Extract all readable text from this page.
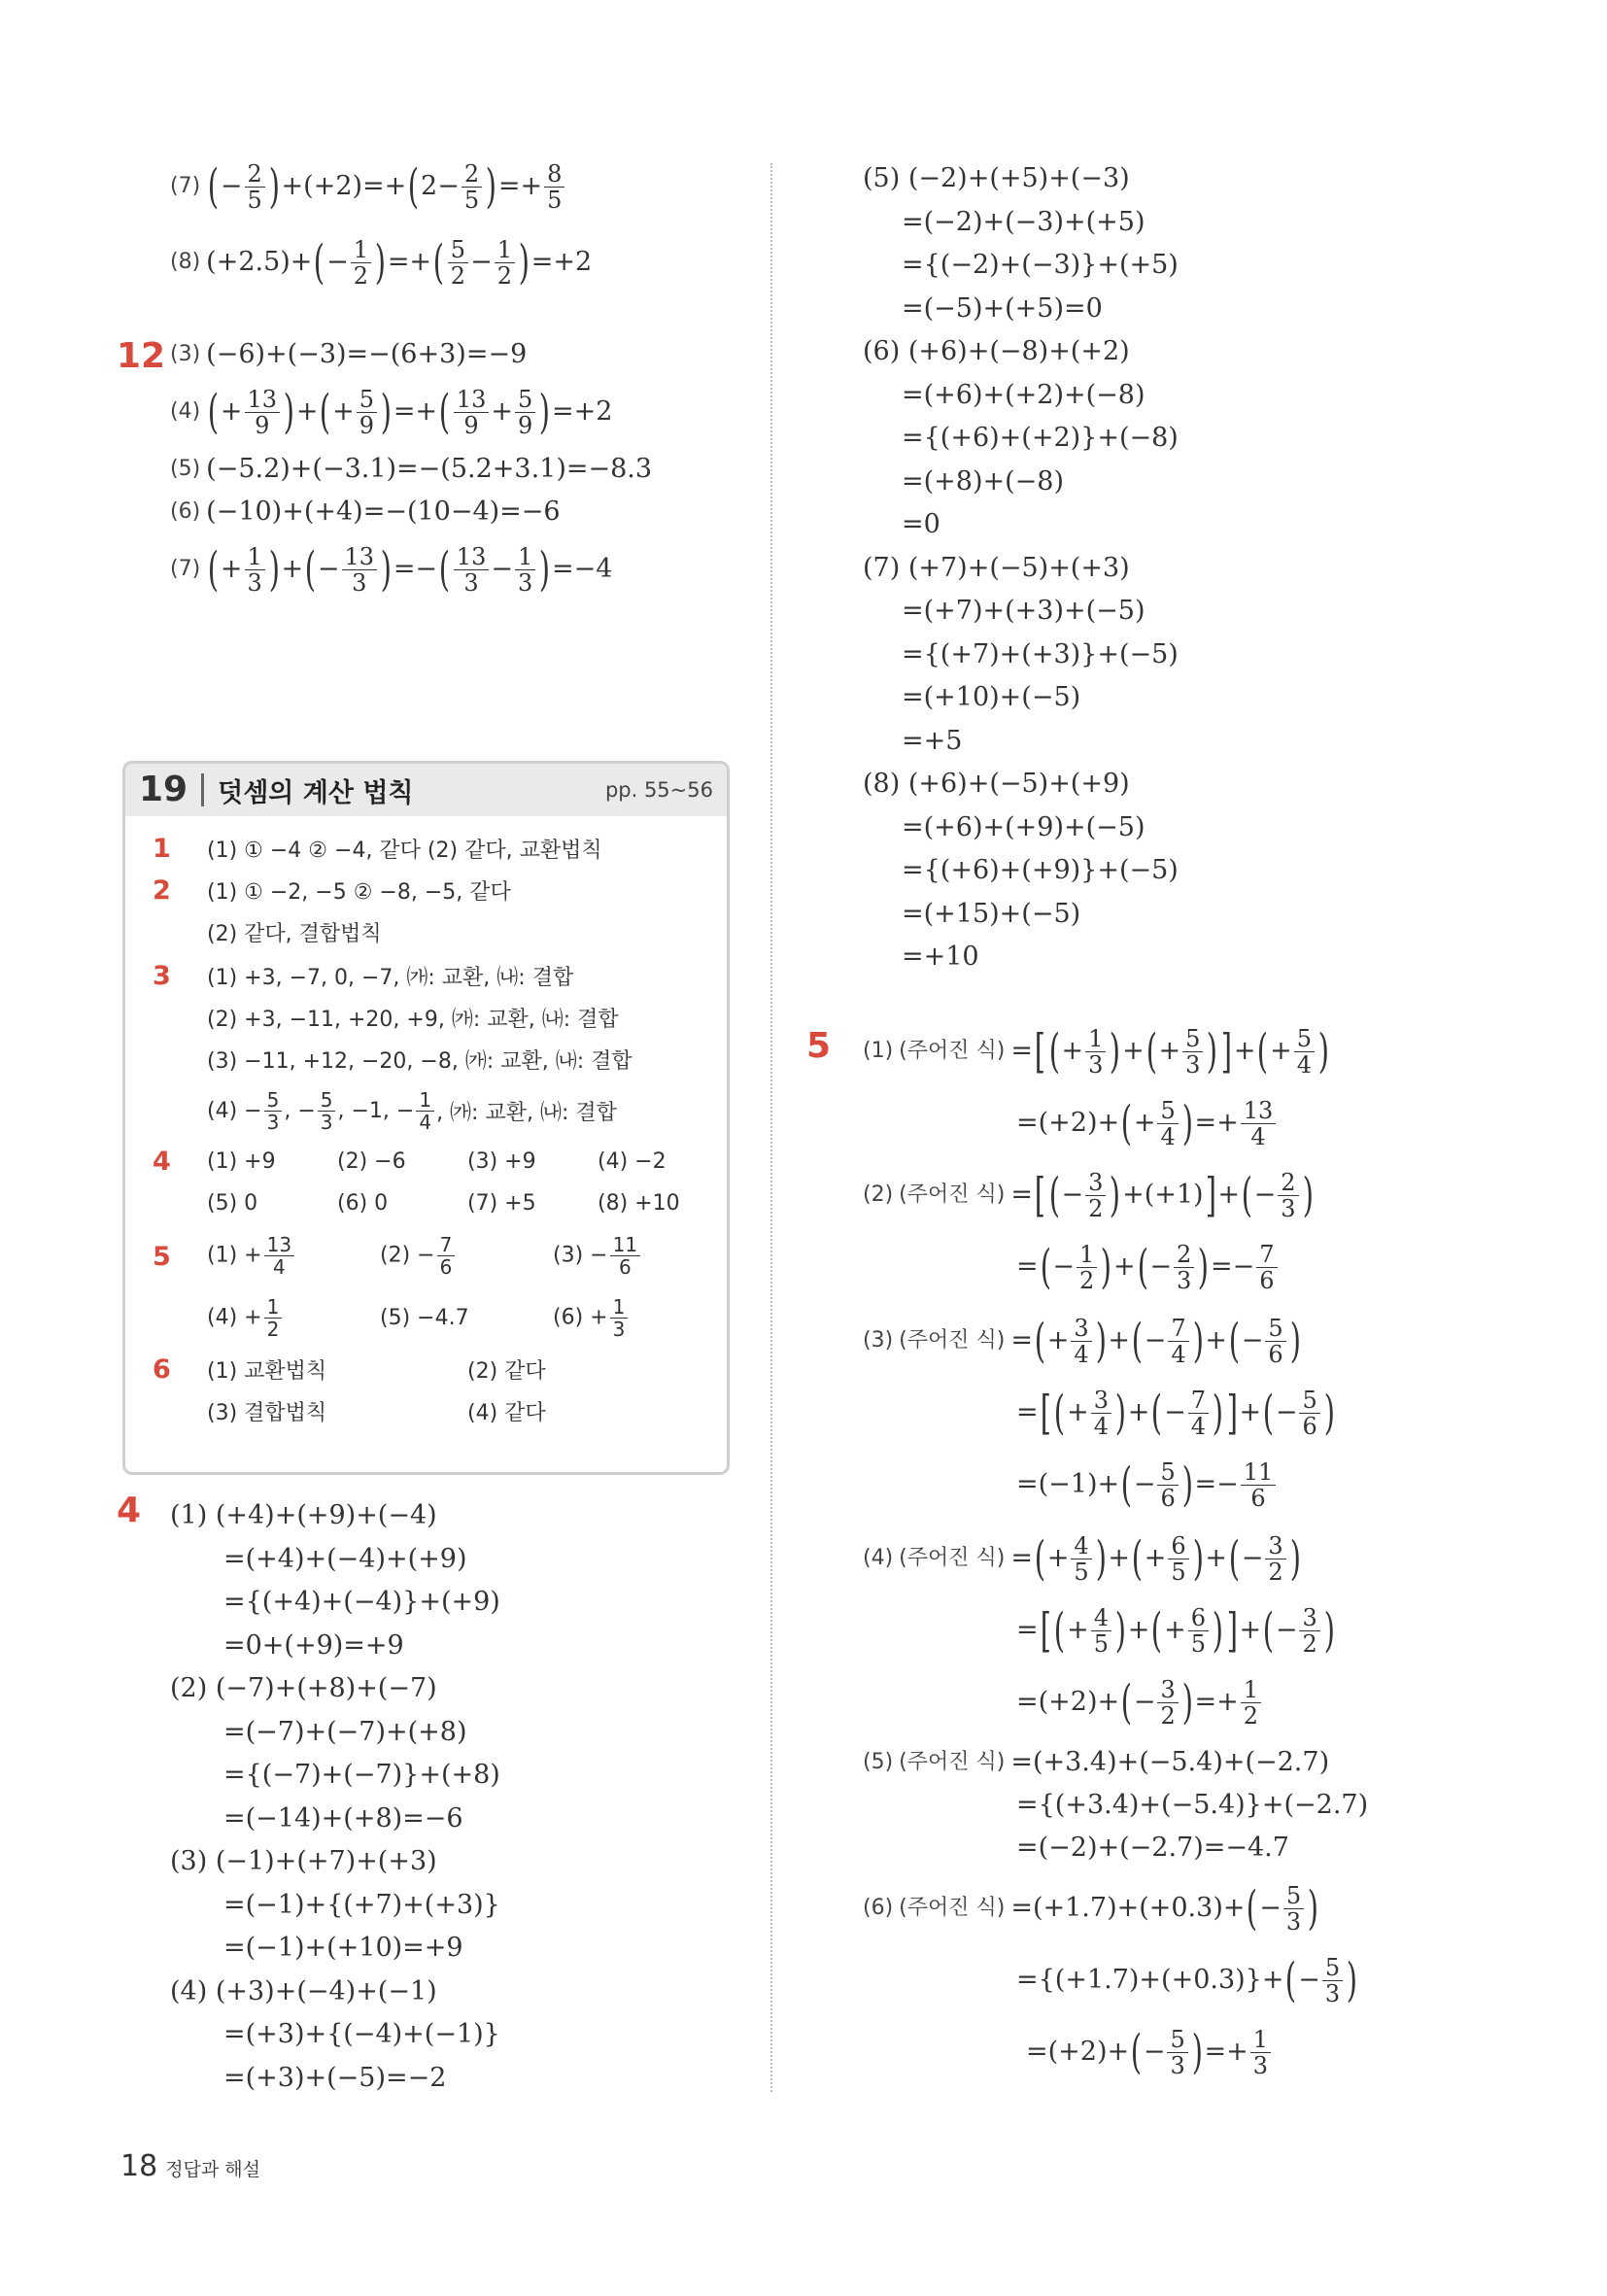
(7) ( − $\frac{2}{5}$ ) +(+2)=+ ( $2- \frac{2}{5}$ ) =+ $\frac{8}{5}$
(8) (+2.5)+ ( − $\frac{1}{2}$ ) =+ ( $\frac{5}{2} - \frac{1}{2}$ ) =+2
12 (3) (−6)+(−3)=−(6+3)=−9
(4) ( + $\frac{13}{9}$ ) + ( + $\frac{5}{9}$ ) =+ ( $\frac{13}{9} + \frac{5}{9}$ ) =+2
(5) (−5.2)+(−3.1)=−(5.2+3.1)=−8.3
(6) (−10)+(+4)=−(10−4)=−6
(7) ( + $\frac{1}{3}$ ) + ( − $\frac{13}{3}$ ) =− ( $\frac{13}{3} - \frac{1}{3}$ ) =−4
19	덧셈의 계산 법칙	pp. 55~56
1 (1) ① −4 ② −4, 같다 (2) 같다, 교환법칙
2 (1) ① −2, −5 ② −8, −5, 같다
(2) 같다, 결합법칙
3 (1) +3, −7, 0, −7, ㈎: 교환, ㈏: 결합
(2) +3, −11, +20, +9, ㈎: 교환, ㈏: 결합
(3) −11, +12, −20, −8, ㈎: 교환, ㈏: 결합
$(4) - \frac{5}{3}$ , − $\frac{5}{3}$ , −1, − $\frac{1}{4}$ , ㈎: 교환, ㈏: 결합
4 (1) +9	(2) −6	(3) +9	(4) −2
(5) 0	(6) 0	(7) +5	(8) +10
5 $(1) + \frac{13}{4}$	$(2) - \frac{7}{6}$	$(3) - \frac{11}{6}$
$(4) + \frac{1}{2}$	(5) −4.7	$(6) + \frac{1}{3}$
6 (1) 교환법칙	(2) 같다
(3) 결합법칙	(4) 같다
4 (1) (+4)+(+9)+(−4)
=(+4)+(−4)+(+9)
={(+4)+(−4)}+(+9)
=0+(+9)=+9
(2) (−7)+(+8)+(−7)
=(−7)+(−7)+(+8)
={(−7)+(−7)}+(+8)
=(−14)+(+8)=−6
(3) (−1)+(+7)+(+3)
=(−1)+{(+7)+(+3)}
=(−1)+(+10)=+9
(4) (+3)+(−4)+(−1)
=(+3)+{(−4)+(−1)}
=(+3)+(−5)=−2
(5) (−2)+(+5)+(−3)
=(−2)+(−3)+(+5)
={(−2)+(−3)}+(+5)
=(−5)+(+5)=0
(6) (+6)+(−8)+(+2)
=(+6)+(+2)+(−8)
={(+6)+(+2)}+(−8)
=(+8)+(−8)
=0
(7) (+7)+(−5)+(+3)
=(+7)+(+3)+(−5)
={(+7)+(+3)}+(−5)
=(+10)+(−5)
=+5
(8) (+6)+(−5)+(+9)
=(+6)+(+9)+(−5)
={(+6)+(+9)}+(−5)
=(+15)+(−5)
=+10
5 (1) (주어진 식) = [ ( + $\frac{1}{3}$ ) + ( + $\frac{5}{3}$ ) ] + ( + $\frac{5}{4}$ )
=(+2)+ ( + $\frac{5}{4}$ ) =+ $\frac{13}{4}$
(2) (주어진 식) = [ ( − $\frac{3}{2}$ ) +(+1) ] + ( − $\frac{2}{3}$ )
= ( − $\frac{1}{2}$ ) + ( − $\frac{2}{3}$ ) =− $\frac{7}{6}$
(3) (주어진 식) = ( + $\frac{3}{4}$ ) + ( − $\frac{7}{4}$ ) + ( − $\frac{5}{6}$ )
= [ ( + $\frac{3}{4}$ ) + ( − $\frac{7}{4}$ ) ] + ( − $\frac{5}{6}$ )
=(−1)+ ( − $\frac{5}{6}$ ) =− $\frac{11}{6}$
(4) (주어진 식) = ( + $\frac{4}{5}$ ) + ( + $\frac{6}{5}$ ) + ( − $\frac{3}{2}$ )
= [ ( + $\frac{4}{5}$ ) + ( + $\frac{6}{5}$ ) ] + ( − $\frac{3}{2}$ )
=(+2)+ ( − $\frac{3}{2}$ ) =+ $\frac{1}{2}$
(5) (주어진 식) =(+3.4)+(−5.4)+(−2.7)
={(+3.4)+(−5.4)}+(−2.7)
=(−2)+(−2.7)=−4.7
(6) (주어진 식) =(+1.7)+(+0.3)+ ( − $\frac{5}{3}$ )
={(+1.7)+(+0.3)}+ ( − $\frac{5}{3}$ )
=(+2)+ ( − $\frac{5}{3}$ ) =+ $\frac{1}{3}$
18 정답과 해설
